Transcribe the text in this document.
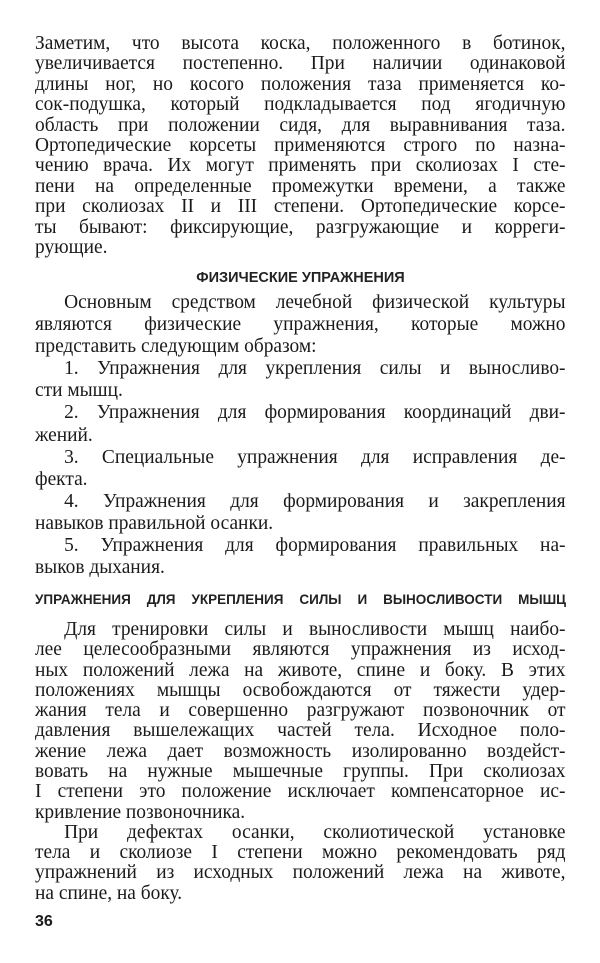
Заметим, что высота коска, положенного в ботинок,
увеличивается постепенно. При наличии одинаковой
длины ног, но косого положения таза применяется ко-
сок-подушка, который подкладывается под ягодичную
область при положении сидя, для выравнивания таза.
Ортопедические корсеты применяются строго по назна-
чению врача. Их могут применять при сколиозах I сте-
пени на определенные промежутки времени, а также
при сколиозах II и III степени. Ортопедические корсе-
ты бывают: фиксирующие, разгружающие и корреги-
рующие.
ФИЗИЧЕСКИЕ УПРАЖНЕНИЯ
Основным средством лечебной физической культуры
являются физические упражнения, которые можно
представить следующим образом:
1. Упражнения для укрепления силы и выносливо-
сти мышц.
2. Упражнения для формирования координаций дви-
жений.
3. Специальные упражнения для исправления де-
фекта.
4. Упражнения для формирования и закрепления
навыков правильной осанки.
5. Упражнения для формирования правильных на-
выков дыхания.
УПРАЖНЕНИЯ ДЛЯ УКРЕПЛЕНИЯ СИЛЫ И ВЫНОСЛИВОСТИ МЫШЦ
Для тренировки силы и выносливости мышц наибо-
лее целесообразными являются упражнения из исход-
ных положений лежа на животе, спине и боку. В этих
положениях мышцы освобождаются от тяжести удер-
жания тела и совершенно разгружают позвоночник от
давления вышележащих частей тела. Исходное поло-
жение лежа дает возможность изолированно воздейст-
вовать на нужные мышечные группы. При сколиозах
I степени это положение исключает компенсаторное ис-
кривление позвоночника.
При дефектах осанки, сколиотической установке
тела и сколиозе I степени можно рекомендовать ряд
упражнений из исходных положений лежа на животе,
на спине, на боку.
36
